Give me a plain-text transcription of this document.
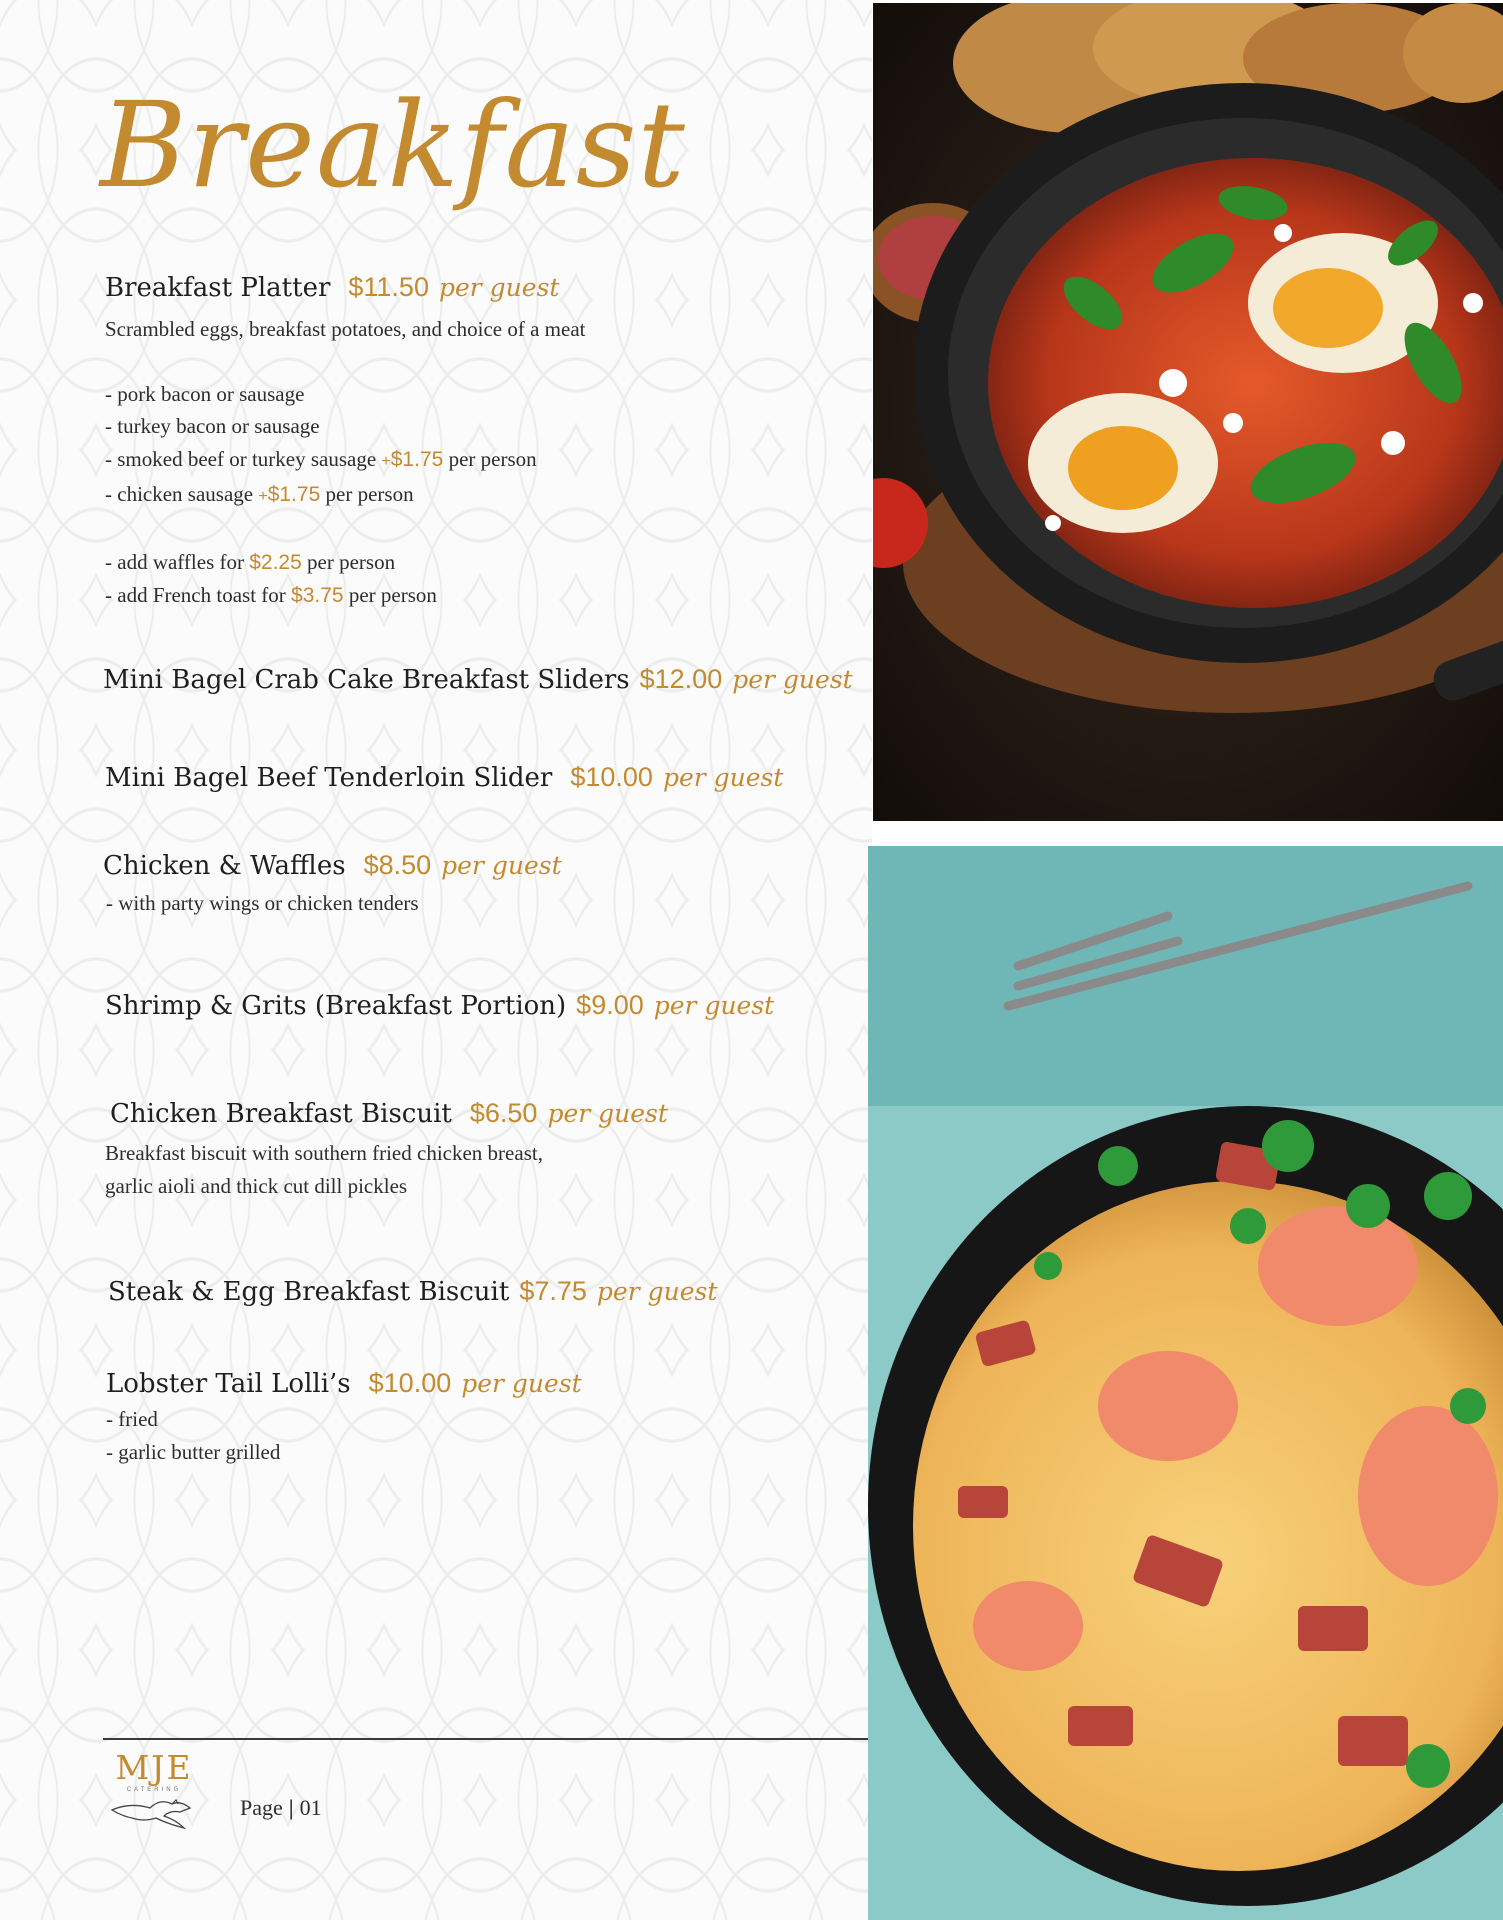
Breakfast
Breakfast Platter $11.50 per guest
Scrambled eggs, breakfast potatoes, and choice of a meat
- pork bacon or sausage
- turkey bacon or sausage
- smoked beef or turkey sausage +$1.75 per person
- chicken sausage +$1.75 per person
- add waffles for $2.25 per person
- add French toast for $3.75 per person
Mini Bagel Crab Cake Breakfast Sliders $12.00 per guest
Mini Bagel Beef Tenderloin Slider $10.00 per guest
Chicken & Waffles $8.50 per guest
- with party wings or chicken tenders
Shrimp & Grits (Breakfast Portion) $9.00 per guest
Chicken Breakfast Biscuit $6.50 per guest
Breakfast biscuit with southern fried chicken breast,
garlic aioli and thick cut dill pickles
Steak & Egg Breakfast Biscuit $7.75 per guest
Lobster Tail Lolli’s $10.00 per guest
- fried
- garlic butter grilled
MJE
CATERING
Page | 01
